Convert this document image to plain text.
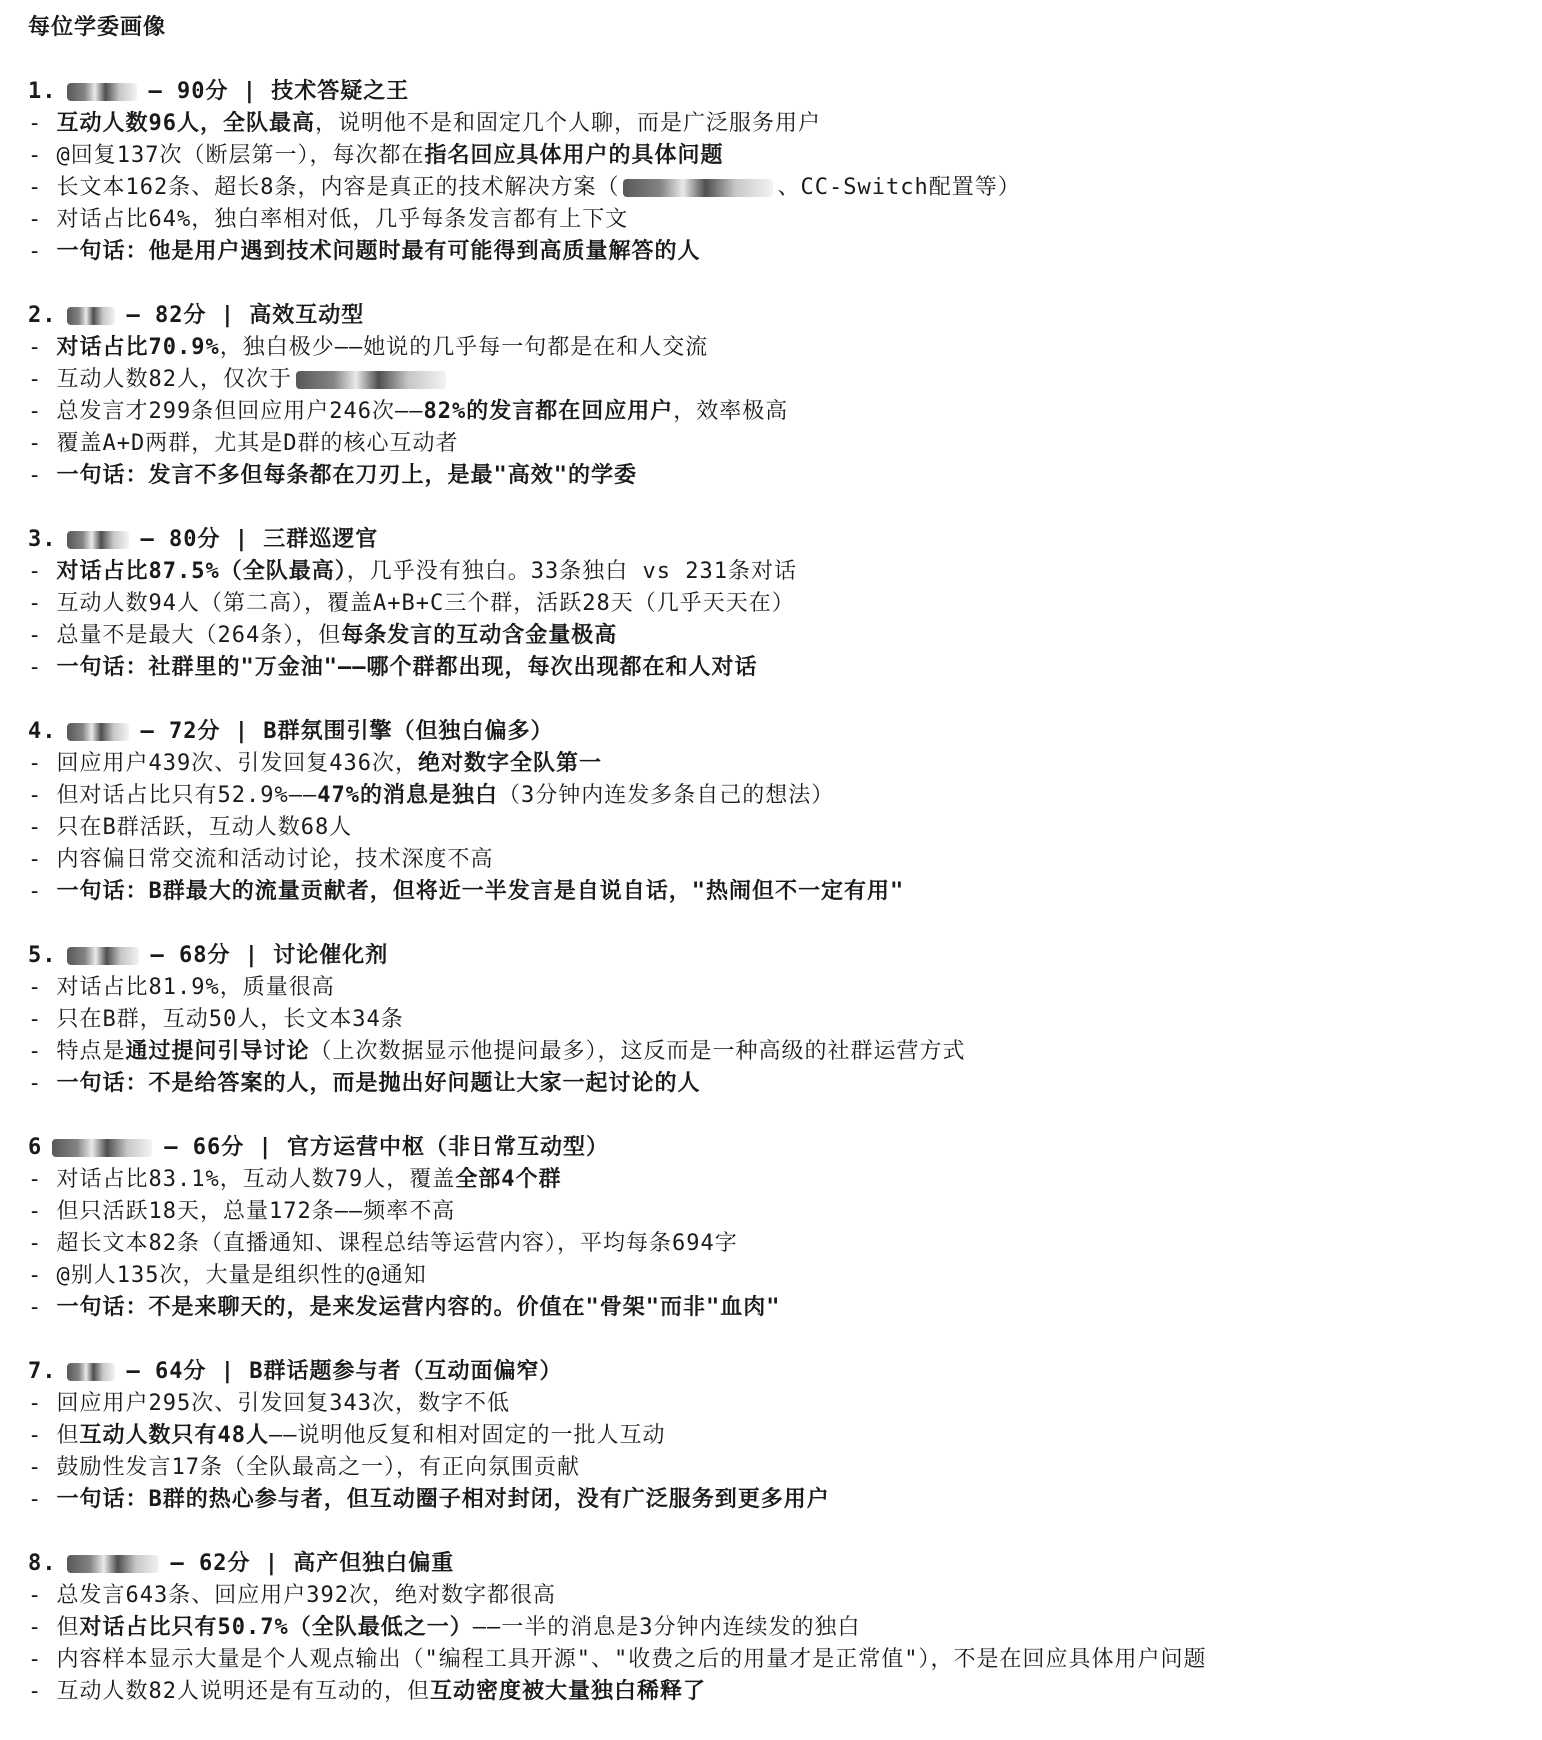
每位学委画像
1.	– 90分 | 技术答疑之王
- 互动人数96人，全队最高，说明他不是和固定几个人聊，而是广泛服务用户
- @回复137次（断层第一），每次都在指名回应具体用户的具体问题
- 长文本162条、超长8条，内容是真正的技术解决方案（	、CC-Switch配置等）
- 对话占比64%，独白率相对低，几乎每条发言都有上下文
- 一句话：他是用户遇到技术问题时最有可能得到高质量解答的人
2.	– 82分 | 高效互动型
- 对话占比70.9%，独白极少——她说的几乎每一句都是在和人交流
- 互动人数82人，仅次于
- 总发言才299条但回应用户246次——82%的发言都在回应用户，效率极高
- 覆盖A+D两群，尤其是D群的核心互动者
- 一句话：发言不多但每条都在刀刃上，是最"高效"的学委
3.	– 80分 | 三群巡逻官
- 对话占比87.5%（全队最高），几乎没有独白。33条独白 vs 231条对话
- 互动人数94人（第二高），覆盖A+B+C三个群，活跃28天（几乎天天在）
- 总量不是最大（264条），但每条发言的互动含金量极高
- 一句话：社群里的"万金油"——哪个群都出现，每次出现都在和人对话
4.	– 72分 | B群氛围引擎（但独白偏多）
- 回应用户439次、引发回复436次，绝对数字全队第一
- 但对话占比只有52.9%——47%的消息是独白（3分钟内连发多条自己的想法）
- 只在B群活跃，互动人数68人
- 内容偏日常交流和活动讨论，技术深度不高
- 一句话：B群最大的流量贡献者，但将近一半发言是自说自话，"热闹但不一定有用"
5.	– 68分 | 讨论催化剂
- 对话占比81.9%，质量很高
- 只在B群，互动50人，长文本34条
- 特点是通过提问引导讨论（上次数据显示他提问最多），这反而是一种高级的社群运营方式
- 一句话：不是给答案的人，而是抛出好问题让大家一起讨论的人
6	– 66分 | 官方运营中枢（非日常互动型）
- 对话占比83.1%，互动人数79人，覆盖全部4个群
- 但只活跃18天，总量172条——频率不高
- 超长文本82条（直播通知、课程总结等运营内容），平均每条694字
- @别人135次，大量是组织性的@通知
- 一句话：不是来聊天的，是来发运营内容的。价值在"骨架"而非"血肉"
7.	– 64分 | B群话题参与者（互动面偏窄）
- 回应用户295次、引发回复343次，数字不低
- 但互动人数只有48人——说明他反复和相对固定的一批人互动
- 鼓励性发言17条（全队最高之一），有正向氛围贡献
- 一句话：B群的热心参与者，但互动圈子相对封闭，没有广泛服务到更多用户
8.	– 62分 | 高产但独白偏重
- 总发言643条、回应用户392次，绝对数字都很高
- 但对话占比只有50.7%（全队最低之一）——一半的消息是3分钟内连续发的独白
- 内容样本显示大量是个人观点输出（"编程工具开源"、"收费之后的用量才是正常值"），不是在回应具体用户问题
- 互动人数82人说明还是有互动的，但互动密度被大量独白稀释了
